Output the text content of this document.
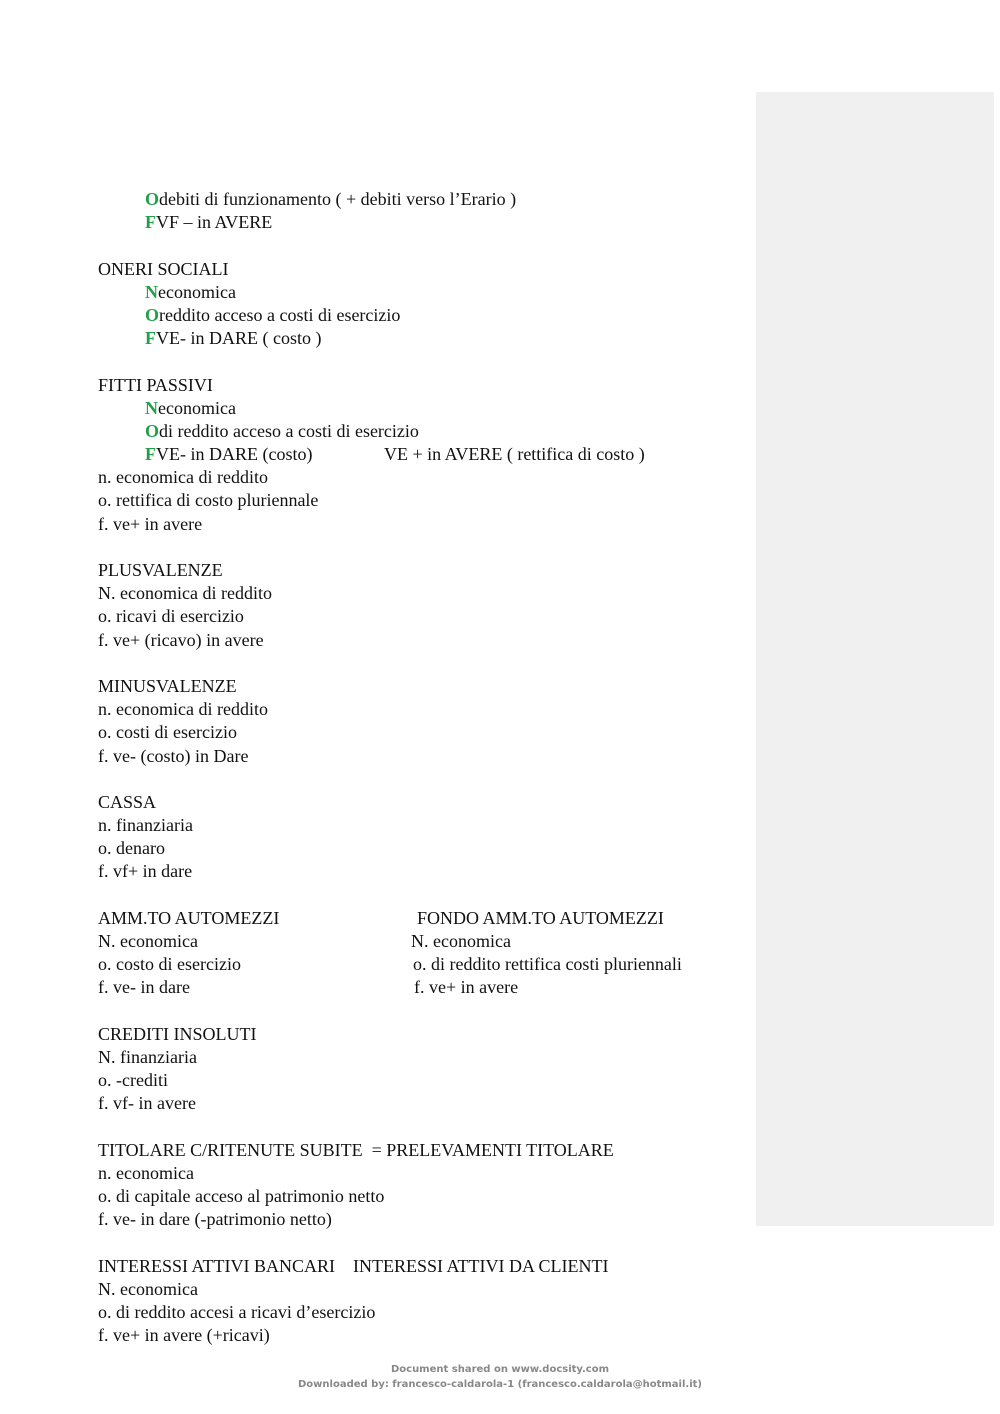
Odebiti di funzionamento ( + debiti verso l’Erario )
FVF – in AVERE
ONERI SOCIALI
Neconomica
Oreddito acceso a costi di esercizio
FVE- in DARE ( costo )
FITTI PASSIVI
Neconomica
Odi reddito acceso a costi di esercizio
FVE- in DARE (costo)	VE + in AVERE ( rettifica di costo )
n. economica di reddito
o. rettifica di costo pluriennale
f. ve+ in avere
PLUSVALENZE
N. economica di reddito
o. ricavi di esercizio
f. ve+ (ricavo) in avere
MINUSVALENZE
n. economica di reddito
o. costi di esercizio
f. ve- (costo) in Dare
CASSA
n. finanziaria
o. denaro
f. vf+ in dare
AMM.TO AUTOMEZZI	FONDO AMM.TO AUTOMEZZI
N. economica	N. economica
o. costo di esercizio	o. di reddito rettifica costi pluriennali
f. ve- in dare	f. ve+ in avere
CREDITI INSOLUTI
N. finanziaria
o. -crediti
f. vf- in avere
TITOLARE C/RITENUTE SUBITE  = PRELEVAMENTI TITOLARE
n. economica
o. di capitale acceso al patrimonio netto
f. ve- in dare (-patrimonio netto)
INTERESSI ATTIVI BANCARI    INTERESSI ATTIVI DA CLIENTI
N. economica
o. di reddito accesi a ricavi d’esercizio
f. ve+ in avere (+ricavi)
Document shared on www.docsity.com
Downloaded by: francesco-caldarola-1 (francesco.caldarola@hotmail.it)
